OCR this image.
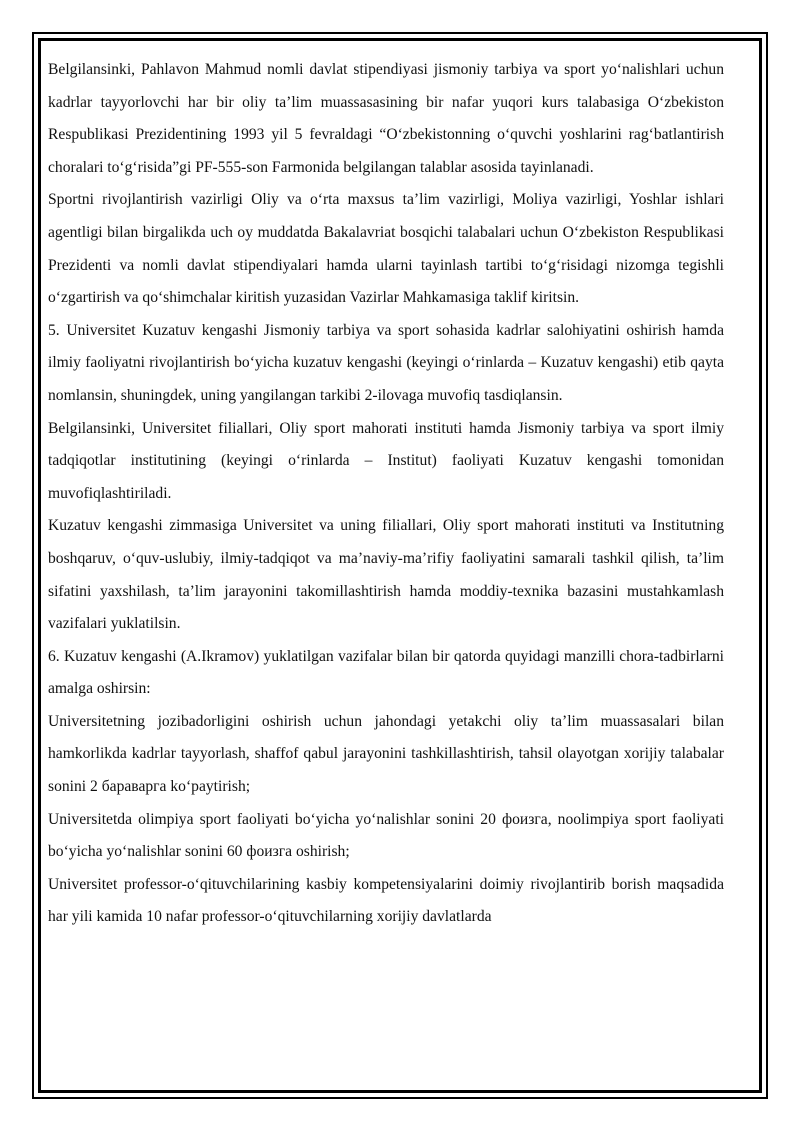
Belgilansinki, Pahlavon Mahmud nomli davlat stipendiyasi jismoniy tarbiya va sport yo‘nalishlari uchun kadrlar tayyorlovchi har bir oliy ta’lim muassasasining bir nafar yuqori kurs talabasiga O‘zbekiston Respublikasi Prezidentining 1993 yil 5 fevraldagi “O‘zbekistonning o‘quvchi yoshlarini rag‘batlantirish choralari to‘g‘risida”gi PF-555-son Farmonida belgilangan talablar asosida tayinlanadi.

Sportni rivojlantirish vazirligi Oliy va o‘rta maxsus ta’lim vazirligi, Moliya vazirligi, Yoshlar ishlari agentligi bilan birgalikda uch oy muddatda Bakalavriat bosqichi talabalari uchun O‘zbekiston Respublikasi Prezidenti va nomli davlat stipendiyalari hamda ularni tayinlash tartibi to‘g‘risidagi nizomga tegishli o‘zgartirish va qo‘shimchalar kiritish yuzasidan Vazirlar Mahkamasiga taklif kiritsin.

5. Universitet Kuzatuv kengashi Jismoniy tarbiya va sport sohasida kadrlar salohiyatini oshirish hamda ilmiy faoliyatni rivojlantirish bo‘yicha kuzatuv kengashi (keyingi o‘rinlarda – Kuzatuv kengashi) etib qayta nomlansin, shuningdek, uning yangilangan tarkibi 2-ilovaga muvofiq tasdiqlansin.

Belgilansinki, Universitet filiallari, Oliy sport mahorati instituti hamda Jismoniy tarbiya va sport ilmiy tadqiqotlar institutining (keyingi o‘rinlarda – Institut) faoliyati Kuzatuv kengashi tomonidan muvofiqlashtiriladi.

Kuzatuv kengashi zimmasiga Universitet va uning filiallari, Oliy sport mahorati instituti va Institutning boshqaruv, o‘quv-uslubiy, ilmiy-tadqiqot va ma’naviy-ma’rifiy faoliyatini samarali tashkil qilish, ta’lim sifatini yaxshilash, ta’lim jarayonini takomillashtirish hamda moddiy-texnika bazasini mustahkamlash vazifalari yuklatilsin.

6. Kuzatuv kengashi (A.Ikramov) yuklatilgan vazifalar bilan bir qatorda quyidagi manzilli chora-tadbirlarni amalga oshirsin:

Universitetning jozibadorligini oshirish uchun jahondagi yetakchi oliy ta’lim muassasalari bilan hamkorlikda kadrlar tayyorlash, shaffof qabul jarayonini tashkillashtirish, tahsil olayotgan xorijiy talabalar sonini 2 бараварга ko‘paytirish;

Universitetda olimpiya sport faoliyati bo‘yicha yo‘nalishlar sonini 20 фоизга, noolimpiya sport faoliyati bo‘yicha yo‘nalishlar sonini 60 фоизга oshirish;

Universitet professor-o‘qituvchilarining kasbiy kompetensiyalarini doimiy rivojlantirib borish maqsadida har yili kamida 10 nafar professor-o‘qituvchilarning xorijiy davlatlarda
